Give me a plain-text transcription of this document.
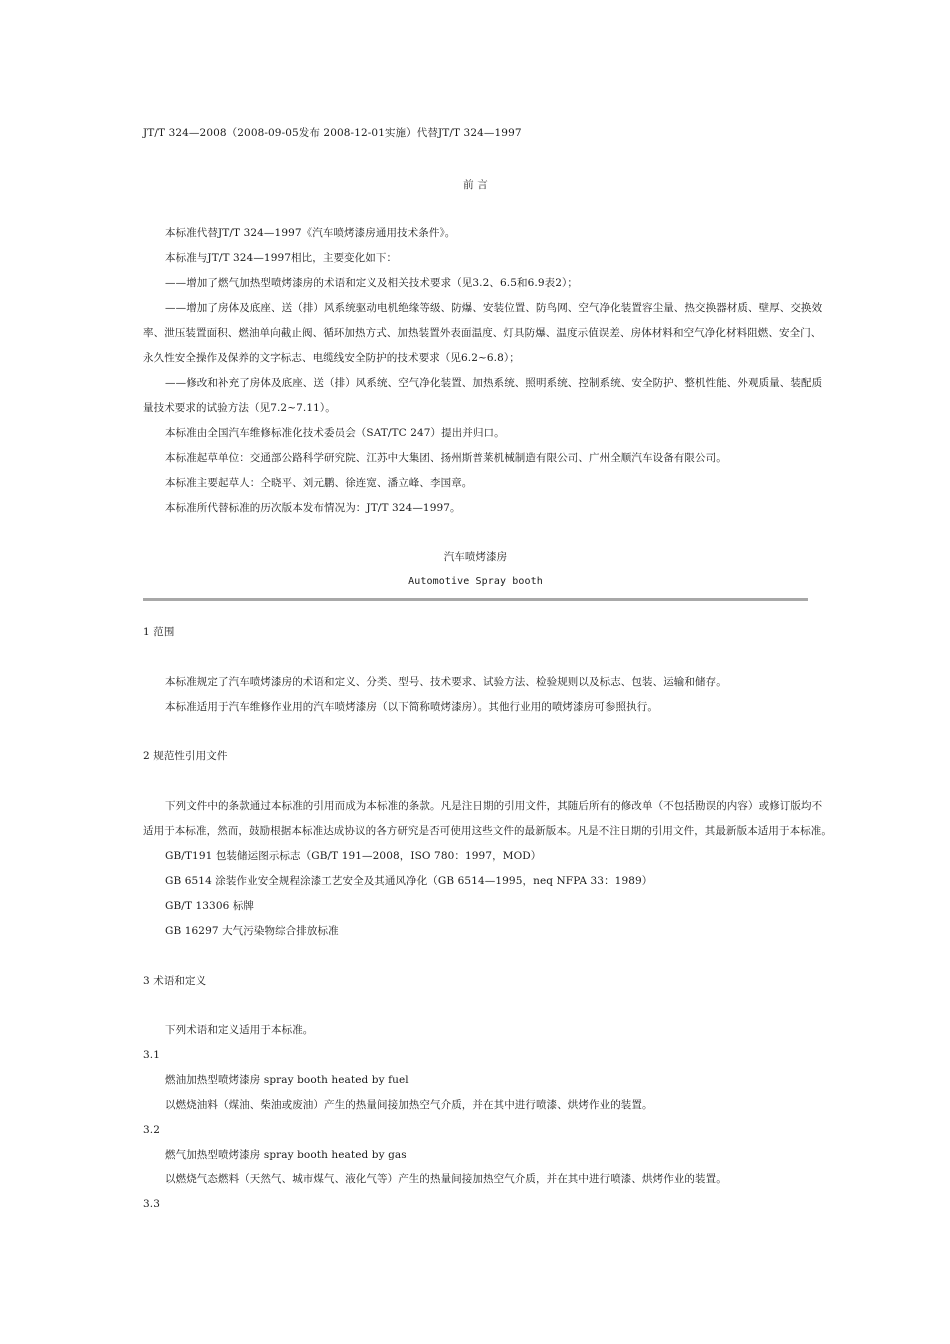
JT/T 324—2008（2008-09-05发布 2008-12-01实施）代替JT/T 324—1997
前 言
本标准代替JT/T 324—1997《汽车喷烤漆房通用技术条件》。
本标准与JT/T 324—1997相比，主要变化如下：
——增加了燃气加热型喷烤漆房的术语和定义及相关技术要求（见3.2、6.5和6.9表2）；
——增加了房体及底座、送（排）风系统驱动电机绝缘等级、防爆、安装位置、防鸟网、空气净化装置容尘量、热交换器材质、壁厚、交换效
率、泄压装置面积、燃油单向截止阀、循环加热方式、加热装置外表面温度、灯具防爆、温度示值误差、房体材料和空气净化材料阻燃、安全门、
永久性安全操作及保养的文字标志、电缆线安全防护的技术要求（见6.2~6.8）；
——修改和补充了房体及底座、送（排）风系统、空气净化装置、加热系统、照明系统、控制系统、安全防护、整机性能、外观质量、装配质
量技术要求的试验方法（见7.2~7.11）。
本标准由全国汽车维修标准化技术委员会（SAT/TC 247）提出并归口。
本标准起草单位：交通部公路科学研究院、江苏中大集团、扬州斯普莱机械制造有限公司、广州全顺汽车设备有限公司。
本标准主要起草人：仝晓平、刘元鹏、徐连宽、潘立峰、李国章。
本标准所代替标准的历次版本发布情况为：JT/T 324—1997。
汽车喷烤漆房
Automotive Spray booth
1 范围
本标准规定了汽车喷烤漆房的术语和定义、分类、型号、技术要求、试验方法、检验规则以及标志、包装、运输和储存。
本标准适用于汽车维修作业用的汽车喷烤漆房（以下简称喷烤漆房）。其他行业用的喷烤漆房可参照执行。
2 规范性引用文件
下列文件中的条款通过本标准的引用而成为本标准的条款。凡是注日期的引用文件，其随后所有的修改单（不包括勘误的内容）或修订版均不
适用于本标准，然而，鼓励根据本标准达成协议的各方研究是否可使用这些文件的最新版本。凡是不注日期的引用文件，其最新版本适用于本标准。
GB/T191 包装储运图示标志（GB/T 191—2008，ISO 780：1997，MOD）
GB 6514 涂装作业安全规程涂漆工艺安全及其通风净化（GB 6514—1995，neq NFPA 33：1989）
GB/T 13306 标牌
GB 16297 大气污染物综合排放标准
3 术语和定义
下列术语和定义适用于本标准。
3.1
燃油加热型喷烤漆房 spray booth heated by fuel
以燃烧油料（煤油、柴油或废油）产生的热量间接加热空气介质，并在其中进行喷漆、烘烤作业的装置。
3.2
燃气加热型喷烤漆房 spray booth heated by gas
以燃烧气态燃料（天然气、城市煤气、液化气等）产生的热量间接加热空气介质，并在其中进行喷漆、烘烤作业的装置。
3.3
